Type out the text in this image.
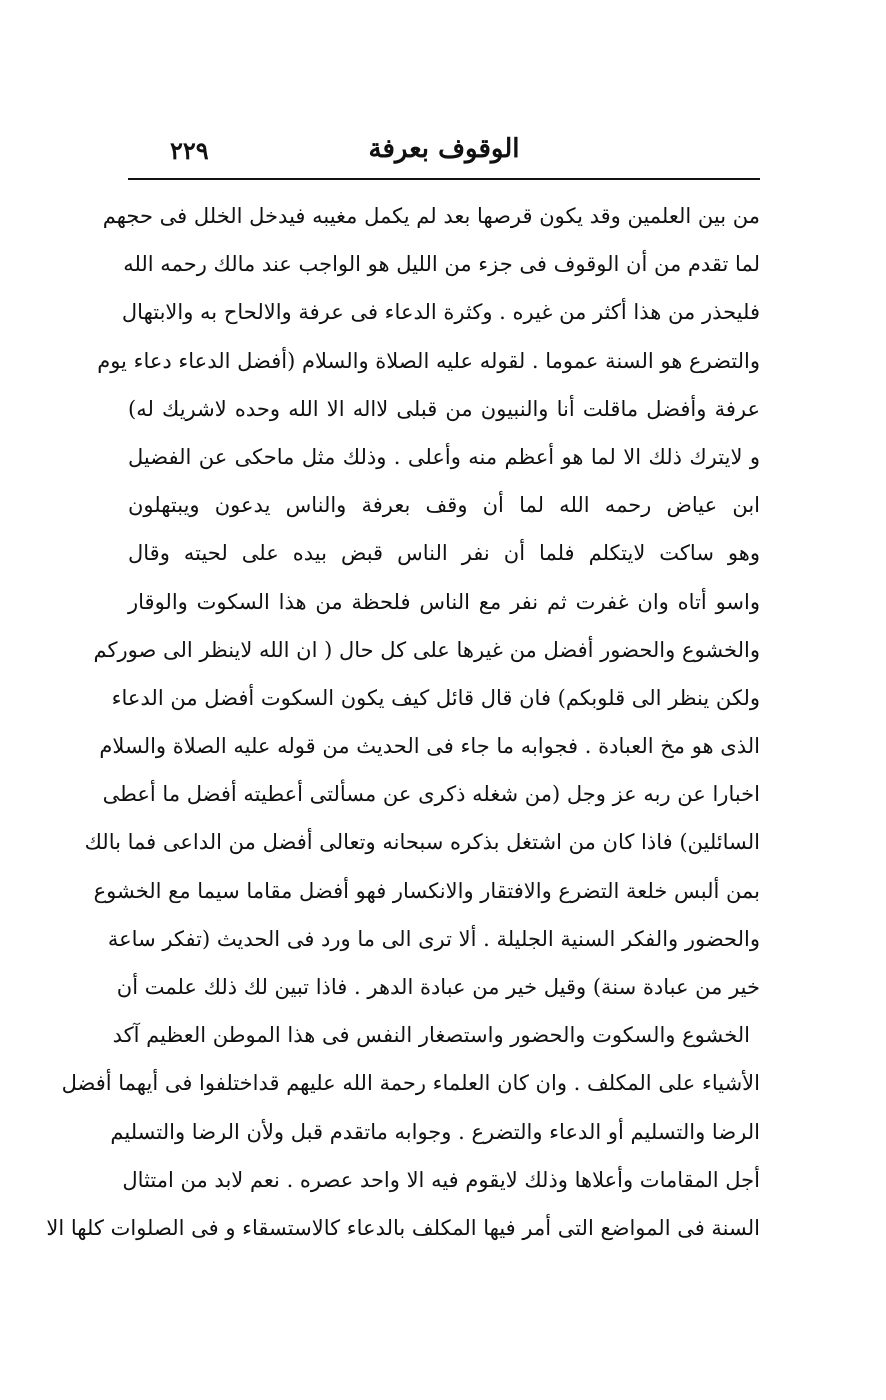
٢٢٩	الوقوف بعرفة
من بين العلمين وقد يكون قرصها بعد لم يكمل مغيبه فيدخل الخلل فى حجهم
لما تقدم من أن الوقوف فى جزء من الليل هو الواجب عند مالك رحمه الله
فليحذر من هذا أكثر من غيره . وكثرة الدعاء فى عرفة والالحاح به والابتهال
والتضرع هو السنة عموما . لقوله عليه الصلاة والسلام (أفضل الدعاء دعاء يوم
عرفة وأفضل ماقلت أنا والنبيون من قبلى لااله الا الله وحده لاشريك له)
و لايترك ذلك الا لما هو أعظم منه وأعلى . وذلك مثل ماحكى عن الفضيل
ابن عياض رحمه الله لما أن وقف بعرفة والناس يدعون ويبتهلون
وهو ساكت لايتكلم فلما أن نفر الناس قبض بيده على لحيته وقال
واسو أتاه وان غفرت ثم نفر مع الناس فلحظة من هذا السكوت والوقار
والخشوع والحضور أفضل من غيرها على كل حال ( ان الله لاينظر الى صوركم
ولكن ينظر الى قلوبكم) فان قال قائل كيف يكون السكوت أفضل من الدعاء
الذى هو مخ العبادة . فجوابه ما جاء فى الحديث من قوله عليه الصلاة والسلام
اخبارا عن ربه عز وجل (من شغله ذكرى عن مسألتى أعطيته أفضل ما أعطى
السائلين) فاذا كان من اشتغل بذكره سبحانه وتعالى أفضل من الداعى فما بالك
بمن ألبس خلعة التضرع والافتقار والانكسار فهو أفضل مقاما سيما مع الخشوع
والحضور والفكر السنية الجليلة . ألا ترى الى ما ورد فى الحديث (تفكر ساعة
خير من عبادة سنة) وقيل خير من عبادة الدهر . فاذا تبين لك ذلك علمت أن
الخشوع والسكوت والحضور واستصغار النفس فى هذا الموطن العظيم آكد
الأشياء على المكلف . وان كان العلماء رحمة الله عليهم قداختلفوا فى أيهما أفضل
الرضا والتسليم أو الدعاء والتضرع . وجوابه ماتقدم قبل ولأن الرضا والتسليم
أجل المقامات وأعلاها وذلك لايقوم فيه الا واحد عصره . نعم لابد من امتثال
السنة فى المواضع التى أمر فيها المكلف بالدعاء كالاستسقاء و فى الصلوات كلها الا
